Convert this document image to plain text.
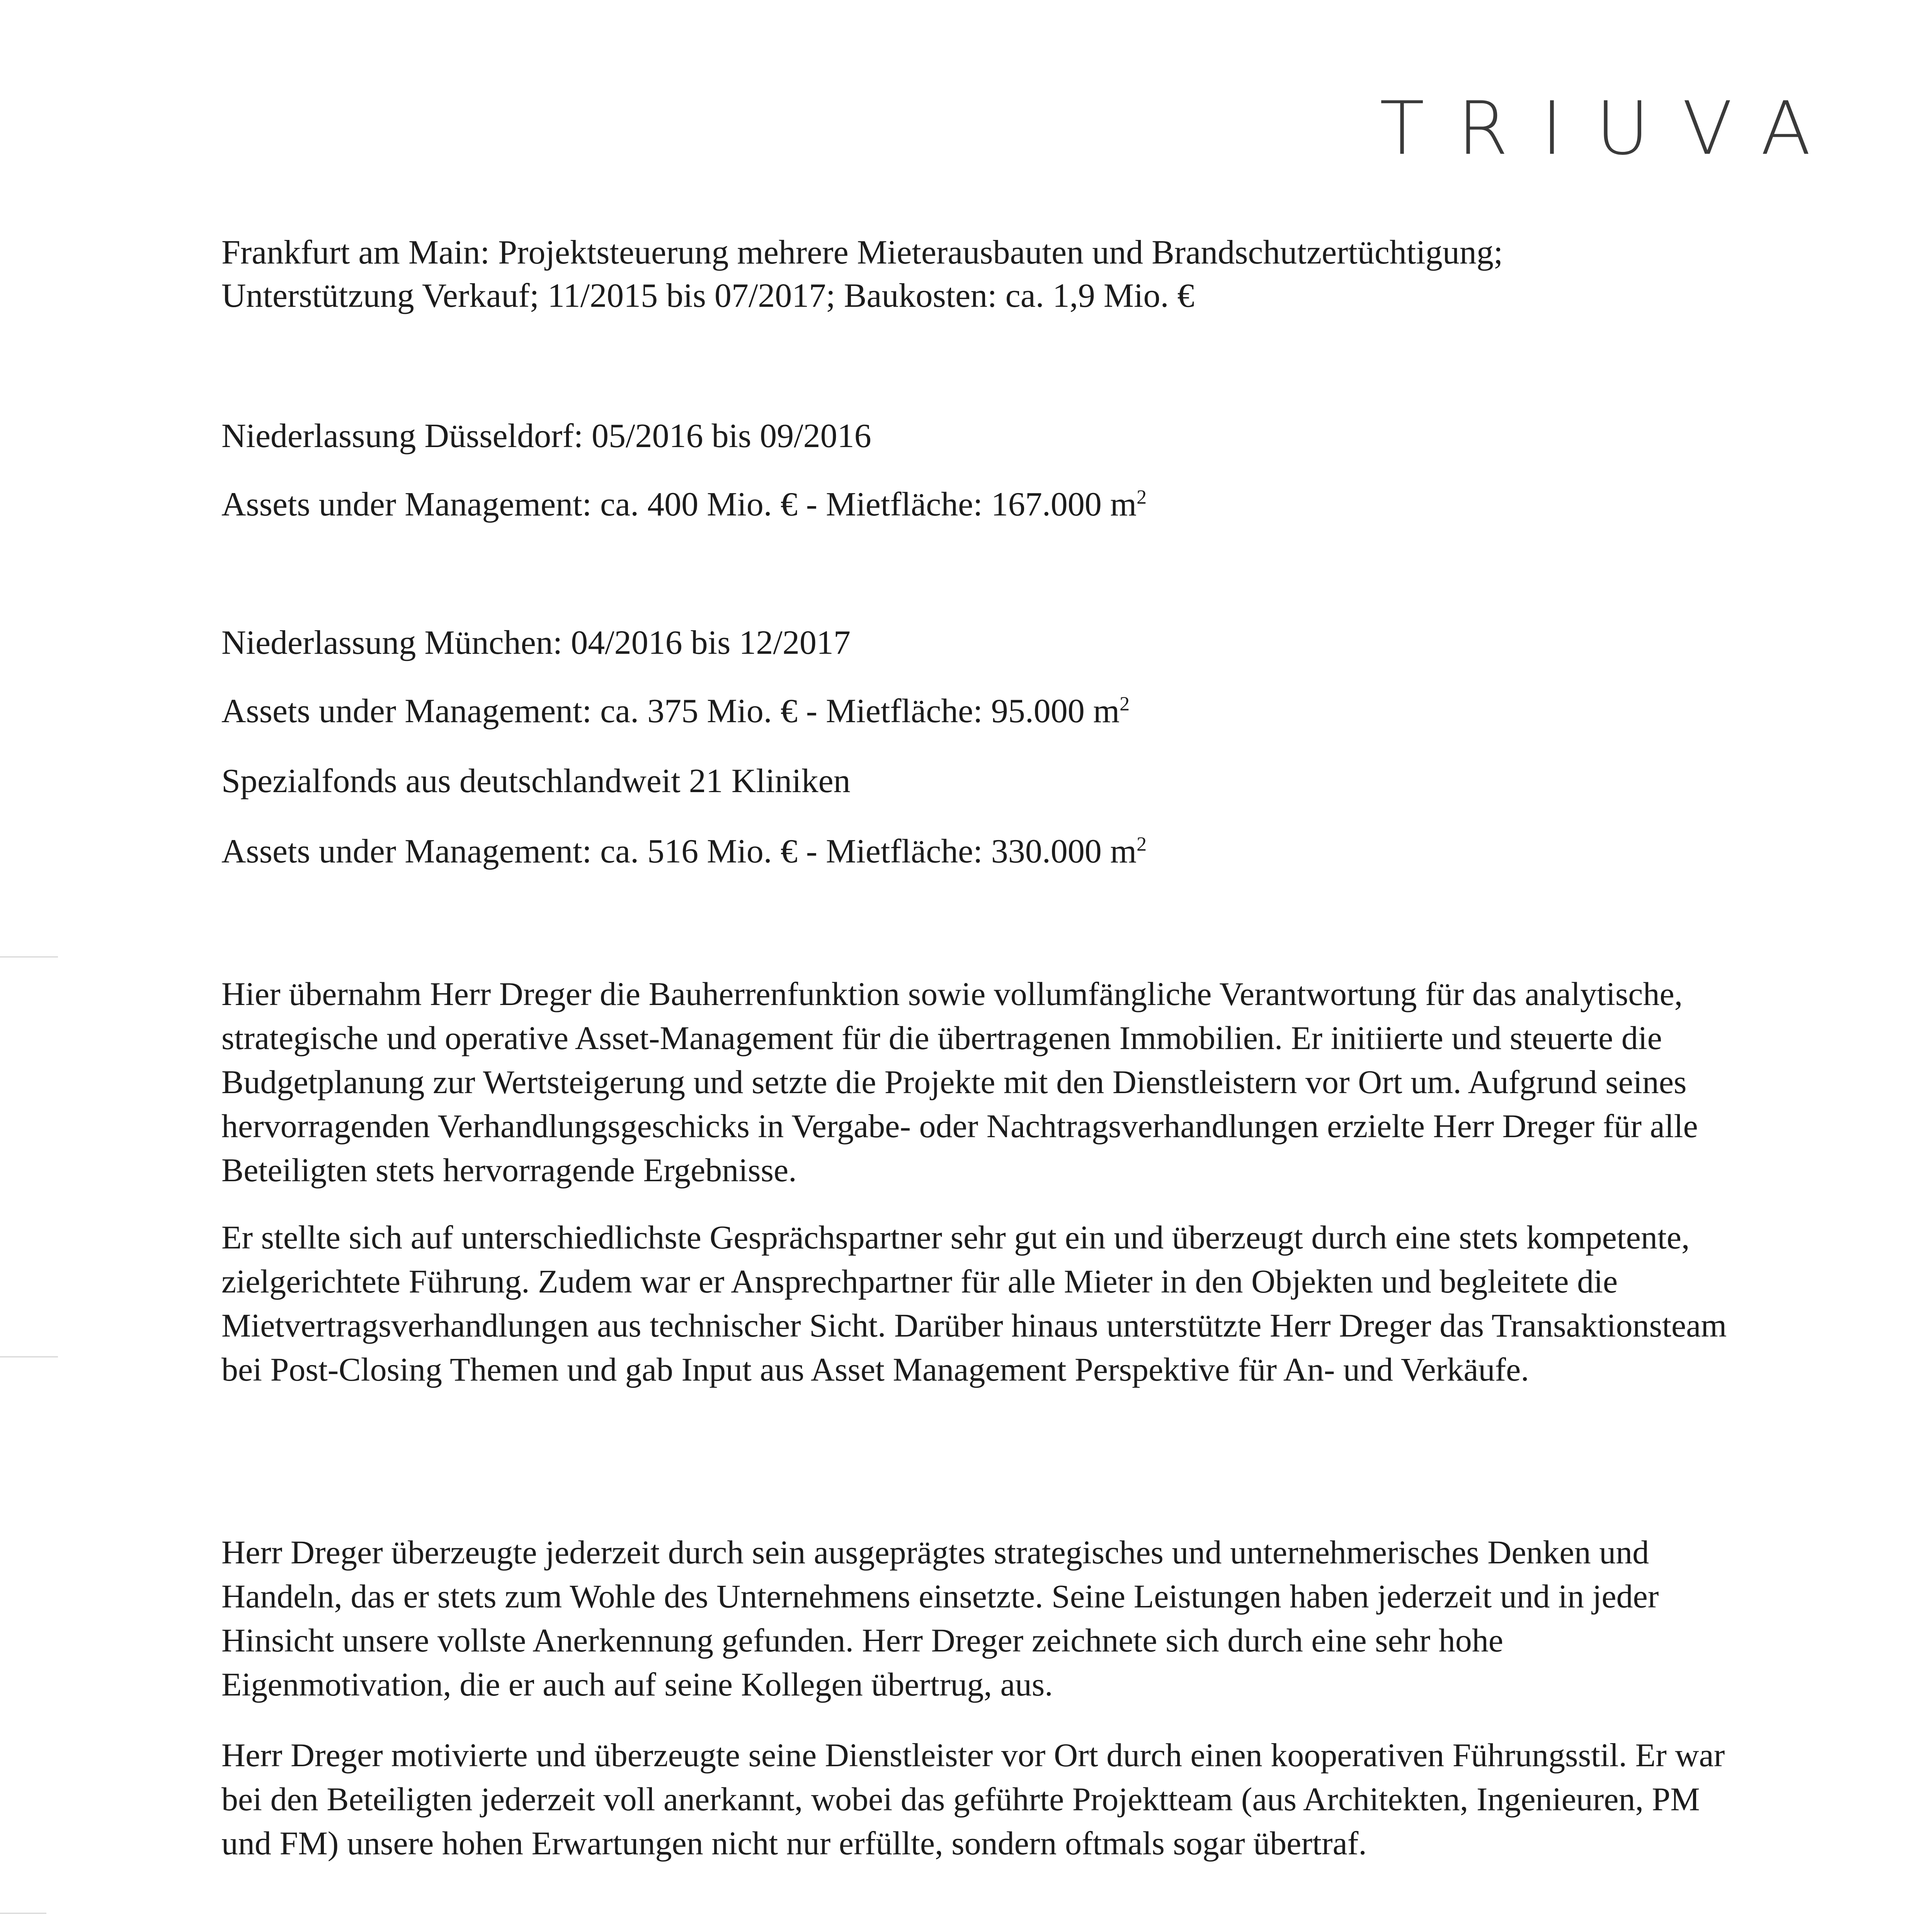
TRIUVA
Frankfurt am Main: Projektsteuerung mehrere Mieterausbauten und Brandschutzertüchtigung;
Unterstützung Verkauf; 11/2015 bis 07/2017; Baukosten: ca. 1,9 Mio. €
Niederlassung Düsseldorf: 05/2016 bis 09/2016
Assets under Management: ca. 400 Mio. € - Mietfläche: 167.000 $m^2$
Niederlassung München: 04/2016 bis 12/2017
Assets under Management: ca. 375 Mio. € - Mietfläche: 95.000 $m^2$
Spezialfonds aus deutschlandweit 21 Kliniken
Assets under Management: ca. 516 Mio. € - Mietfläche: 330.000 $m^2$

Hier übernahm Herr Dreger die Bauherrenfunktion sowie vollumfängliche Verantwortung für das analytische, strategische und operative Asset-Management für die übertragenen Immobilien. Er initiierte und steuerte die Budgetplanung zur Wertsteigerung und setzte die Projekte mit den Dienstleistern vor Ort um. Aufgrund seines hervorragenden Verhandlungsgeschicks in Vergabe- oder Nachtragsverhandlungen erzielte Herr Dreger für alle Beteiligten stets hervorragende Ergebnisse.

Er stellte sich auf unterschiedlichste Gesprächspartner sehr gut ein und überzeugt durch eine stets kompetente, zielgerichtete Führung. Zudem war er Ansprechpartner für alle Mieter in den Objekten und begleitete die Mietvertragsverhandlungen aus technischer Sicht. Darüber hinaus unterstützte Herr Dreger das Transaktionsteam bei Post-Closing Themen und gab Input aus Asset Management Perspektive für An- und Verkäufe.

Herr Dreger überzeugte jederzeit durch sein ausgeprägtes strategisches und unternehmerisches Denken und Handeln, das er stets zum Wohle des Unternehmens einsetzte. Seine Leistungen haben jederzeit und in jeder Hinsicht unsere vollste Anerkennung gefunden. Herr Dreger zeichnete sich durch eine sehr hohe Eigenmotivation, die er auch auf seine Kollegen übertrug, aus.

Herr Dreger motivierte und überzeugte seine Dienstleister vor Ort durch einen kooperativen Führungsstil. Er war bei den Beteiligten jederzeit voll anerkannt, wobei das geführte Projektteam (aus Architekten, Ingenieuren, PM und FM) unsere hohen Erwartungen nicht nur erfüllte, sondern oftmals sogar übertraf.
